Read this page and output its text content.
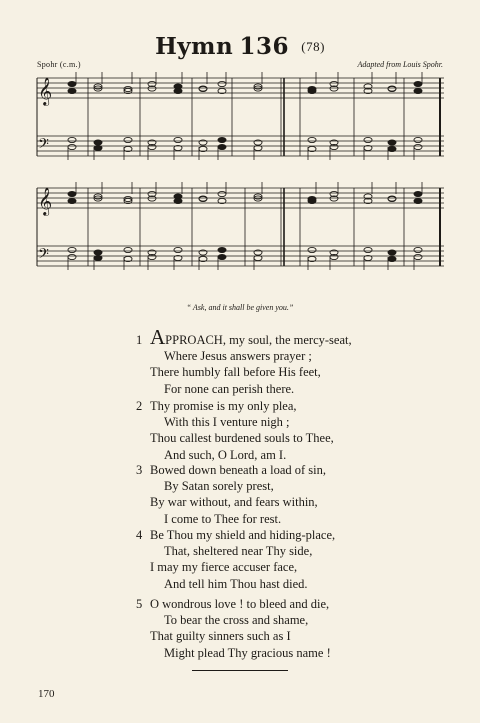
Hymn 136 (78)
Spohr (c.m.)	Adapted from Louis Spohr.
𝄞
𝄢
𝄞
𝄢
“ Ask, and it shall be given you.”
1 APPROACH, my soul, the mercy-seat,
Where Jesus answers prayer ;
There humbly fall before His feet,
For none can perish there.
2 Thy promise is my only plea,
With this I venture nigh ;
Thou callest burdened souls to Thee,
And such, O Lord, am I.
3 Bowed down beneath a load of sin,
By Satan sorely prest,
By war without, and fears within,
I come to Thee for rest.
4 Be Thou my shield and hiding-place,
That, sheltered near Thy side,
I may my fierce accuser face,
And tell him Thou hast died.
5 O wondrous love ! to bleed and die,
To bear the cross and shame,
That guilty sinners such as I
Might plead Thy gracious name !
170
